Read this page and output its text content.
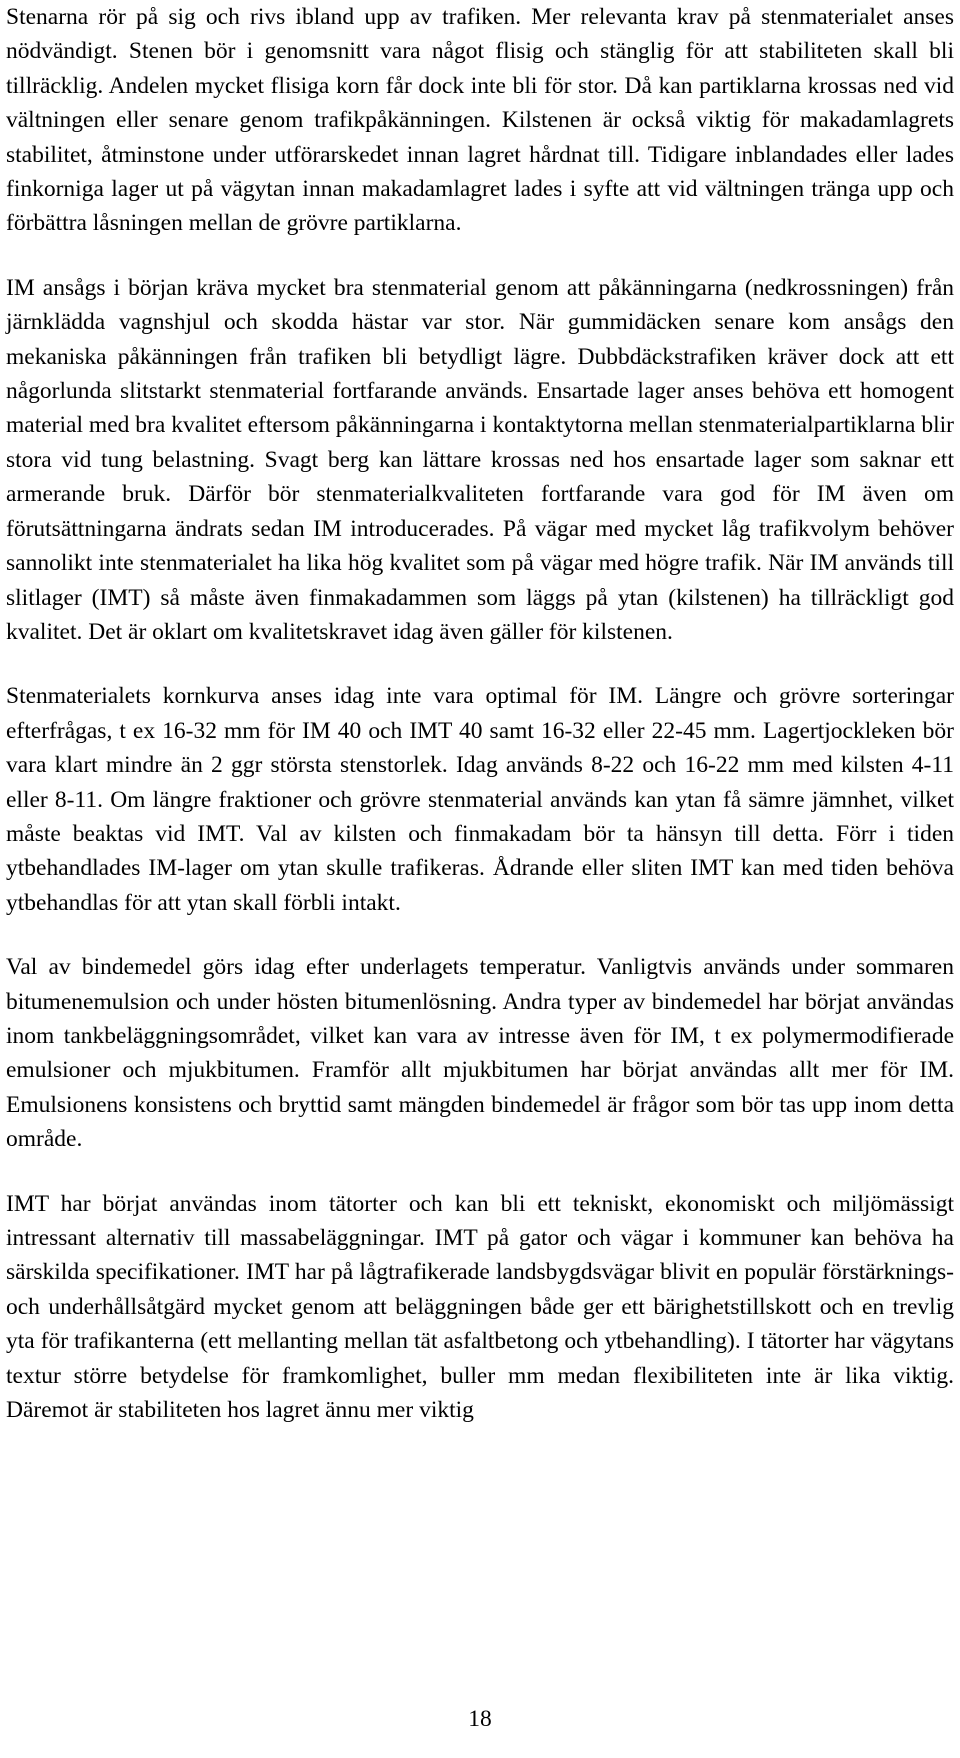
Stenarna rör på sig och rivs ibland upp av trafiken. Mer relevanta krav på stenmaterialet anses nödvändigt. Stenen bör i genomsnitt vara något flisig och stänglig för att stabiliteten skall bli tillräcklig. Andelen mycket flisiga korn får dock inte bli för stor. Då kan partiklarna krossas ned vid vältningen eller senare genom trafikpåkänningen. Kilstenen är också viktig för makadamlagrets stabilitet, åtminstone under utförarskedet innan lagret hårdnat till. Tidigare inblandades eller lades finkorniga lager ut på vägytan innan makadamlagret lades i syfte att vid vältningen tränga upp och förbättra låsningen mellan de grövre partiklarna.

IM ansågs i början kräva mycket bra stenmaterial genom att påkänningarna (nedkrossningen) från järnklädda vagnshjul och skodda hästar var stor. När gummidäcken senare kom ansågs den mekaniska påkänningen från trafiken bli betydligt lägre. Dubbdäckstrafiken kräver dock att ett någorlunda slitstarkt stenmaterial fortfarande används. Ensartade lager anses behöva ett homogent material med bra kvalitet eftersom påkänningarna i kontaktytorna mellan stenmaterialpartiklarna blir stora vid tung belastning. Svagt berg kan lättare krossas ned hos ensartade lager som saknar ett armerande bruk. Därför bör stenmaterialkvaliteten fortfarande vara god för IM även om förutsättningarna ändrats sedan IM introducerades. På vägar med mycket låg trafikvolym behöver sannolikt inte stenmaterialet ha lika hög kvalitet som på vägar med högre trafik. När IM används till slitlager (IMT) så måste även finmakadammen som läggs på ytan (kilstenen) ha tillräckligt god kvalitet. Det är oklart om kvalitetskravet idag även gäller för kilstenen.

Stenmaterialets kornkurva anses idag inte vara optimal för IM. Längre och grövre sorteringar efterfrågas, t ex 16-32 mm för IM 40 och IMT 40 samt 16-32 eller 22-45 mm. Lagertjockleken bör vara klart mindre än 2 ggr största stenstorlek. Idag används 8-22 och 16-22 mm med kilsten 4-11 eller 8-11. Om längre fraktioner och grövre stenmaterial används kan ytan få sämre jämnhet, vilket måste beaktas vid IMT. Val av kilsten och finmakadam bör ta hänsyn till detta. Förr i tiden ytbehandlades IM-lager om ytan skulle trafikeras. Ådrande eller sliten IMT kan med tiden behöva ytbehandlas för att ytan skall förbli intakt.

Val av bindemedel görs idag efter underlagets temperatur. Vanligtvis används under sommaren bitumenemulsion och under hösten bitumenlösning. Andra typer av bindemedel har börjat användas inom tankbeläggningsområdet, vilket kan vara av intresse även för IM, t ex polymermodifierade emulsioner och mjukbitumen. Framför allt mjukbitumen har börjat användas allt mer för IM. Emulsionens konsistens och bryttid samt mängden bindemedel är frågor som bör tas upp inom detta område.

IMT har börjat användas inom tätorter och kan bli ett tekniskt, ekonomiskt och miljömässigt intressant alternativ till massabeläggningar. IMT på gator och vägar i kommuner kan behöva ha särskilda specifikationer. IMT har på lågtrafikerade landsbygdsvägar blivit en populär förstärknings- och underhållsåtgärd mycket genom att beläggningen både ger ett bärighetstillskott och en trevlig yta för trafikanterna (ett mellanting mellan tät asfaltbetong och ytbehandling). I tätorter har vägytans textur större betydelse för framkomlighet, buller mm medan flexibiliteten inte är lika viktig. Däremot är stabiliteten hos lagret ännu mer viktig

18
